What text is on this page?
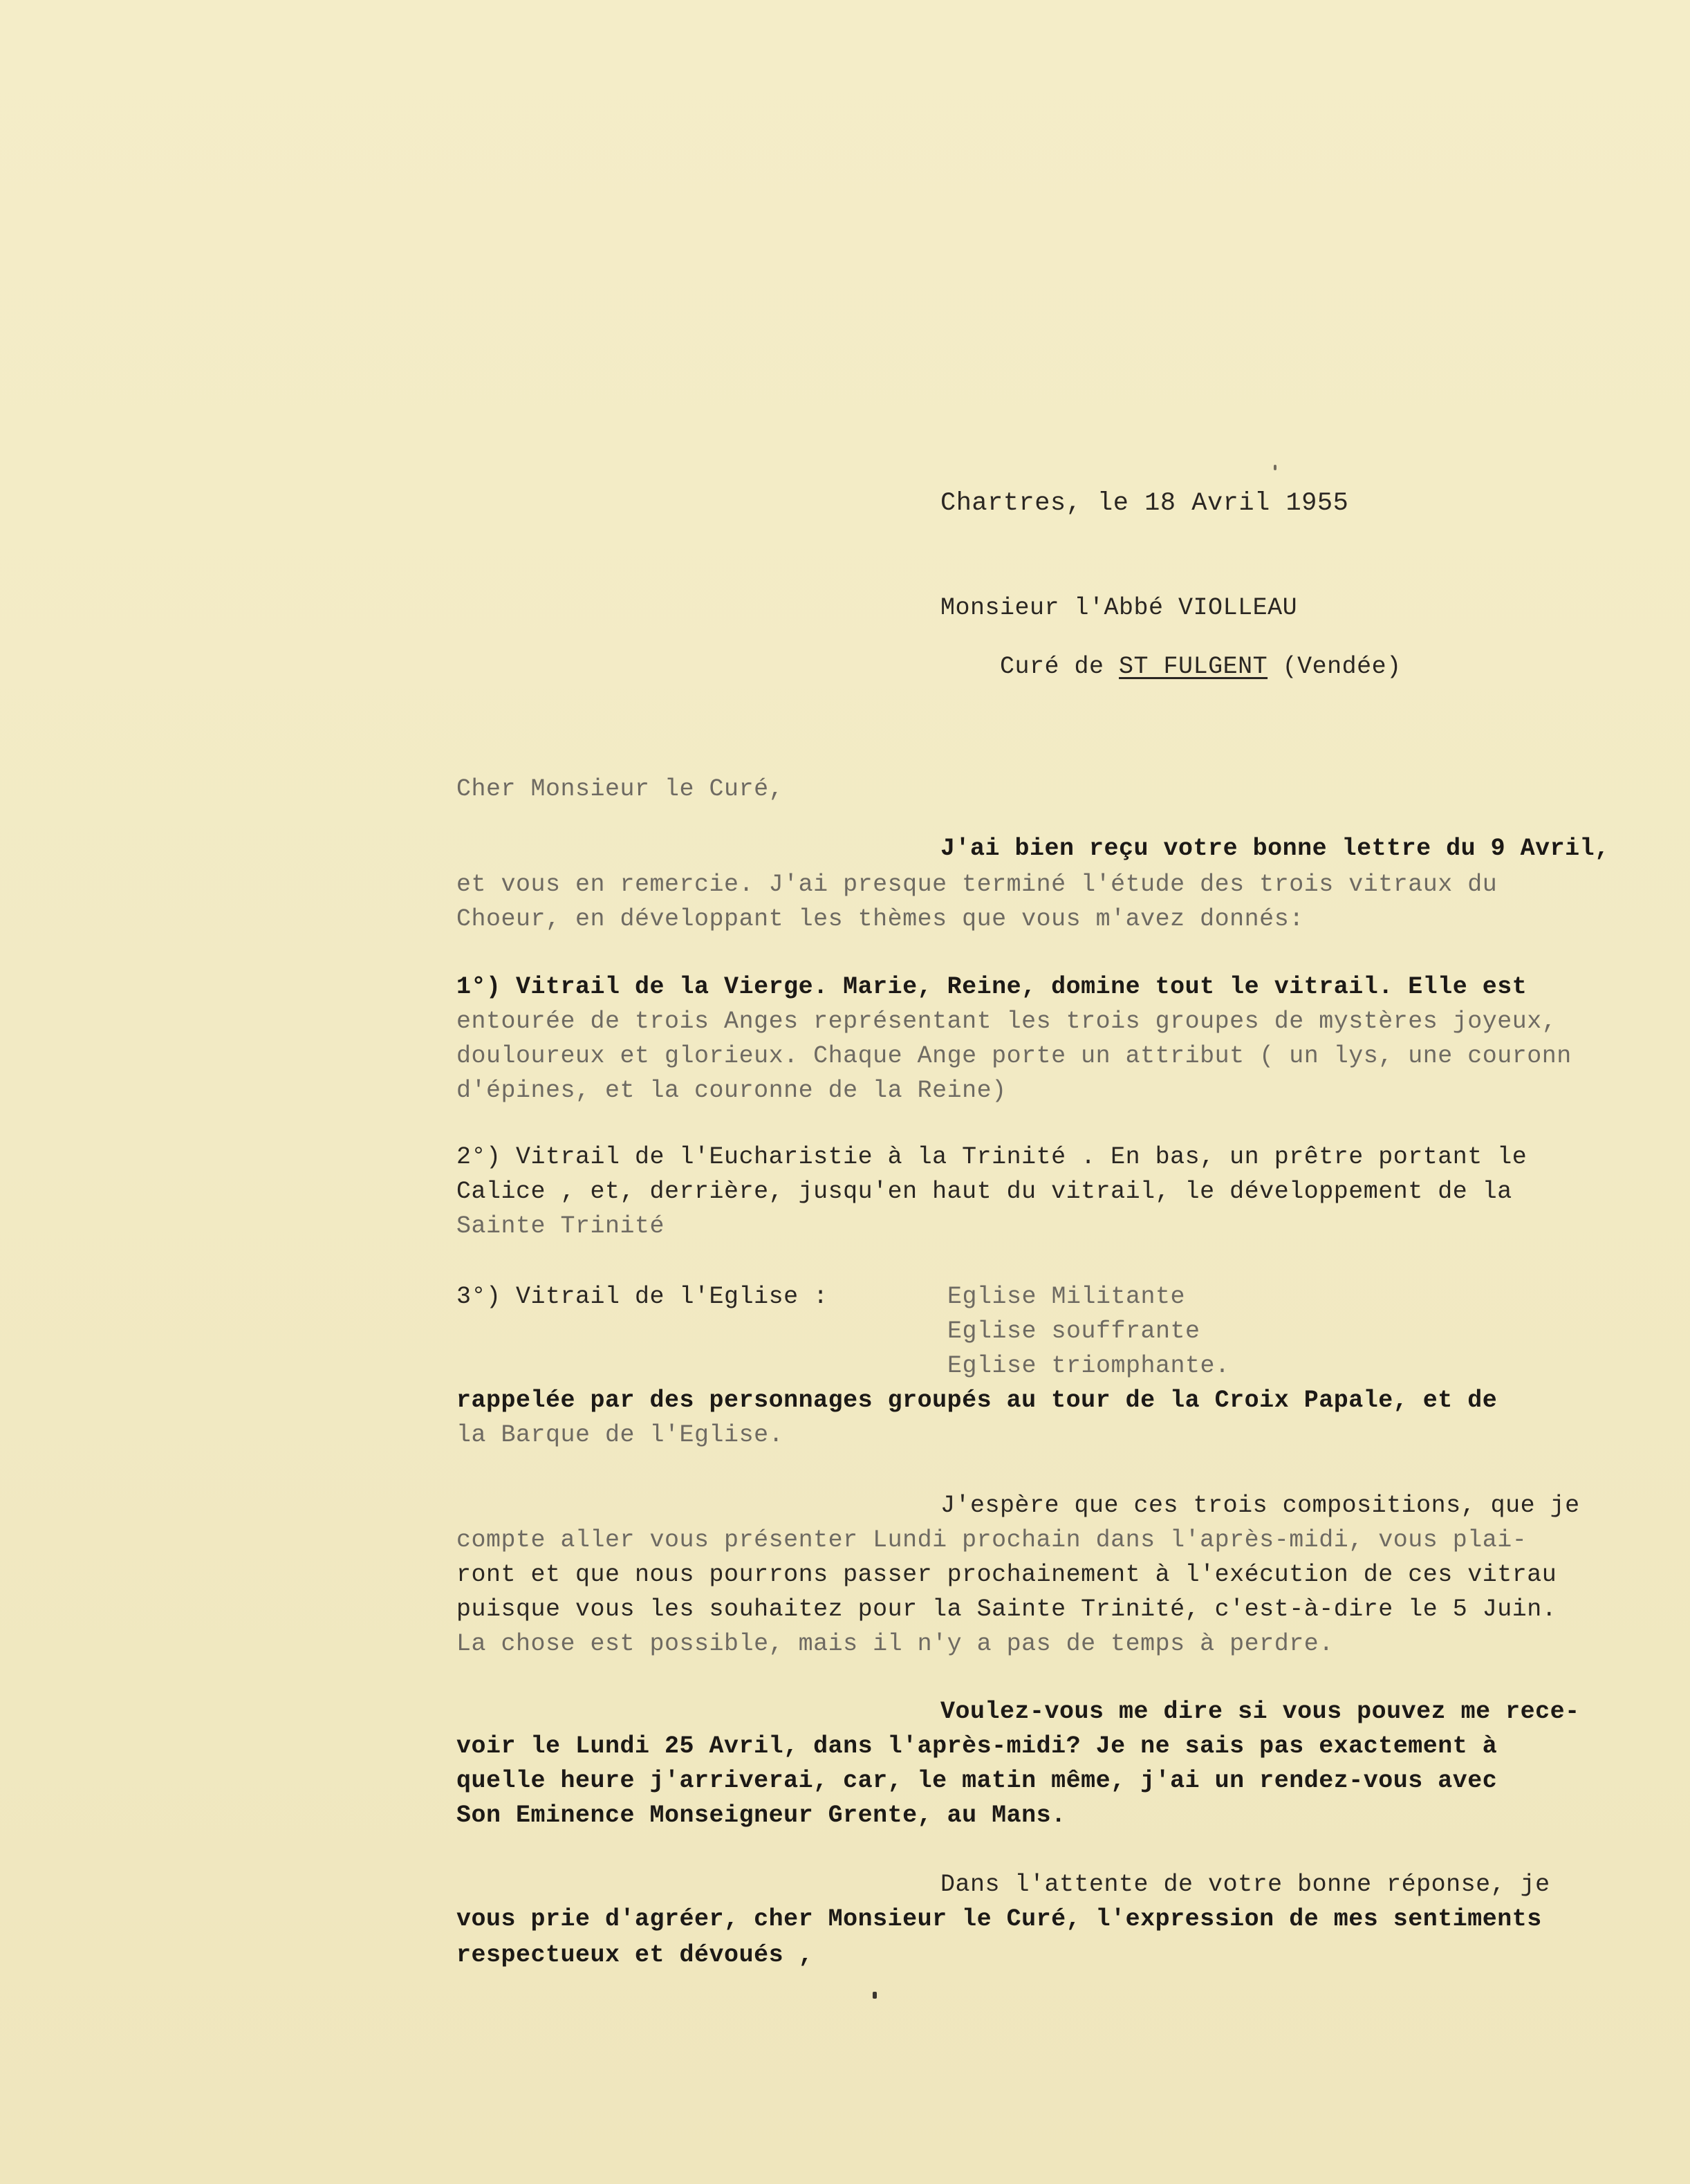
Chartres, le 18 Avril 1955
Monsieur l'Abbé VIOLLEAU

Curé de ST FULGENT (Vendée)

Cher Monsieur le Curé,
J'ai bien reçu votre bonne lettre du 9 Avril,
et vous en remercie. J'ai presque terminé l'étude des trois vitraux du
Choeur, en développant les thèmes que vous m'avez donnés:
1°) Vitrail de la Vierge. Marie, Reine, domine tout le vitrail. Elle est
entourée de trois Anges représentant les trois groupes de mystères joyeux,
douloureux et glorieux. Chaque Ange porte un attribut ( un lys, une couronn
d'épines, et la couronne de la Reine)
2°) Vitrail de l'Eucharistie à la Trinité . En bas, un prêtre portant le
Calice , et, derrière, jusqu'en haut du vitrail, le développement de la
Sainte Trinité
3°) Vitrail de l'Eglise :	Eglise Militante
Eglise souffrante
Eglise triomphante.
rappelée par des personnages groupés au tour de la Croix Papale, et de
la Barque de l'Eglise.
J'espère que ces trois compositions, que je
compte aller vous présenter Lundi prochain dans l'après-midi, vous plai-
ront et que nous pourrons passer prochainement à l'exécution de ces vitrau
puisque vous les souhaitez pour la Sainte Trinité, c'est-à-dire le 5 Juin.
La chose est possible, mais il n'y a pas de temps à perdre.
Voulez-vous me dire si vous pouvez me rece-
voir le Lundi 25 Avril, dans l'après-midi? Je ne sais pas exactement à
quelle heure j'arriverai, car, le matin même, j'ai un rendez-vous avec
Son Eminence Monseigneur Grente, au Mans.
Dans l'attente de votre bonne réponse, je
vous prie d'agréer, cher Monsieur le Curé, l'expression de mes sentiments
respectueux et dévoués ,
